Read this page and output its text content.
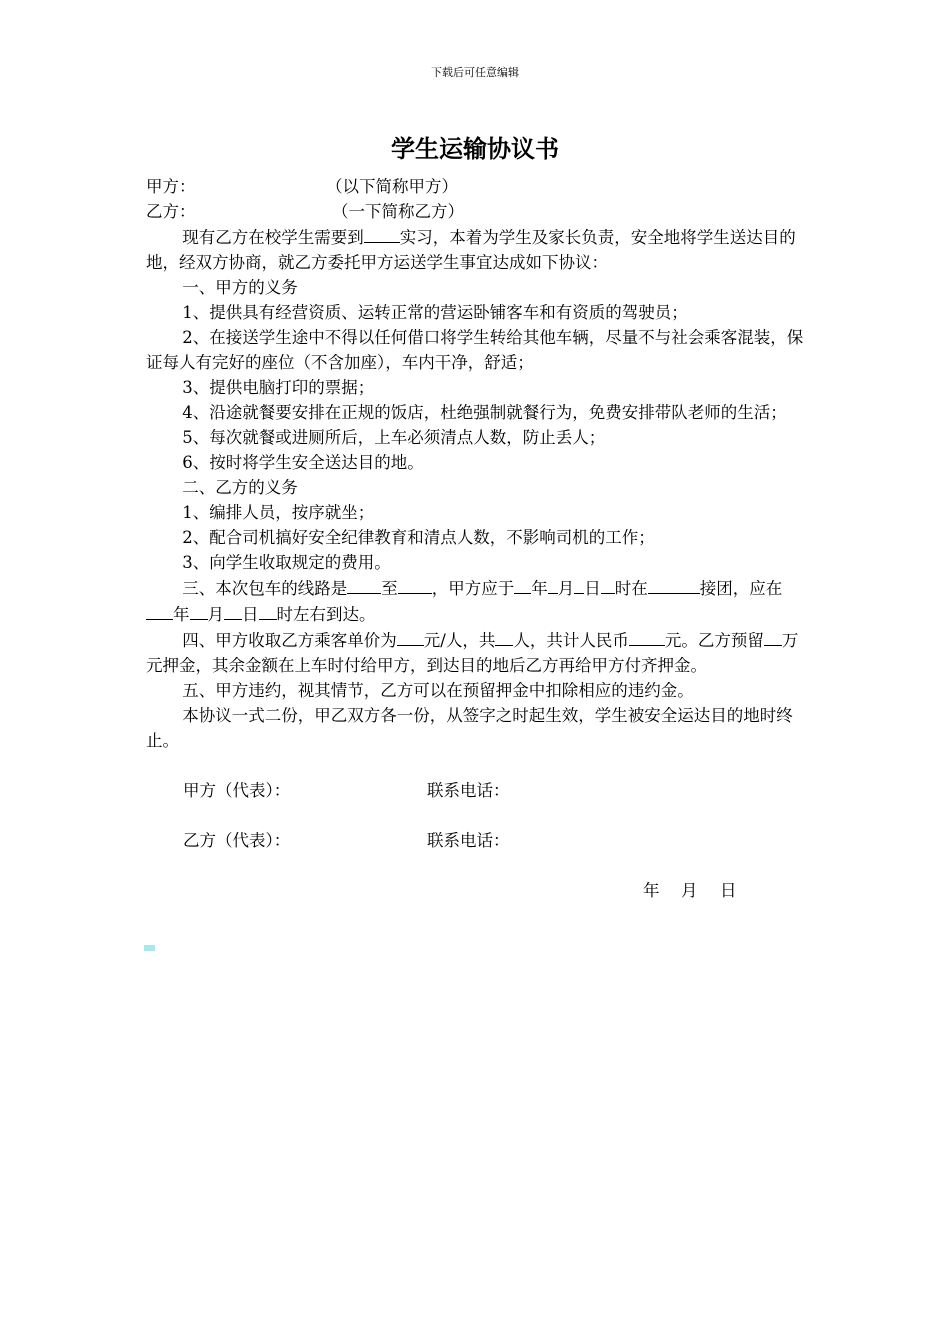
下载后可任意编辑
学生运输协议书
甲方：	（以下简称甲方）
乙方：	（一下简称乙方）

现有乙方在校学生需要到 实习，本着为学生及家长负责，安全地将学生送达目的地，经双方协商，就乙方委托甲方运送学生事宜达成如下协议：

一、甲方的义务

1、提供具有经营资质、运转正常的营运卧铺客车和有资质的驾驶员；

2、在接送学生途中不得以任何借口将学生转给其他车辆，尽量不与社会乘客混装，保证每人有完好的座位（不含加座），车内干净，舒适；

3、提供电脑打印的票据；

4、沿途就餐要安排在正规的饭店，杜绝强制就餐行为，免费安排带队老师的生活；

5、每次就餐或进厕所后，上车必须清点人数，防止丢人；

6、按时将学生安全送达目的地。

二、乙方的义务

1、编排人员，按序就坐；

2、配合司机搞好安全纪律教育和清点人数，不影响司机的工作；

3、向学生收取规定的费用。

三、本次包车的线路是 至 ，甲方应于 年 月 日 时在	接团，应在年 月 日 时左右到达。

四、甲方收取乙方乘客单价为 元/人，共 人，共计人民币 元。乙方预留 万元押金，其余金额在上车时付给甲方，到达目的地后乙方再给甲方付齐押金。

五、甲方违约，视其情节，乙方可以在预留押金中扣除相应的违约金。

本协议一式二份，甲乙双方各一份，从签字之时起生效，学生被安全运达目的地时终止。

甲方（代表）：	联系电话：
乙方（代表）：	联系电话：
年 月 日
